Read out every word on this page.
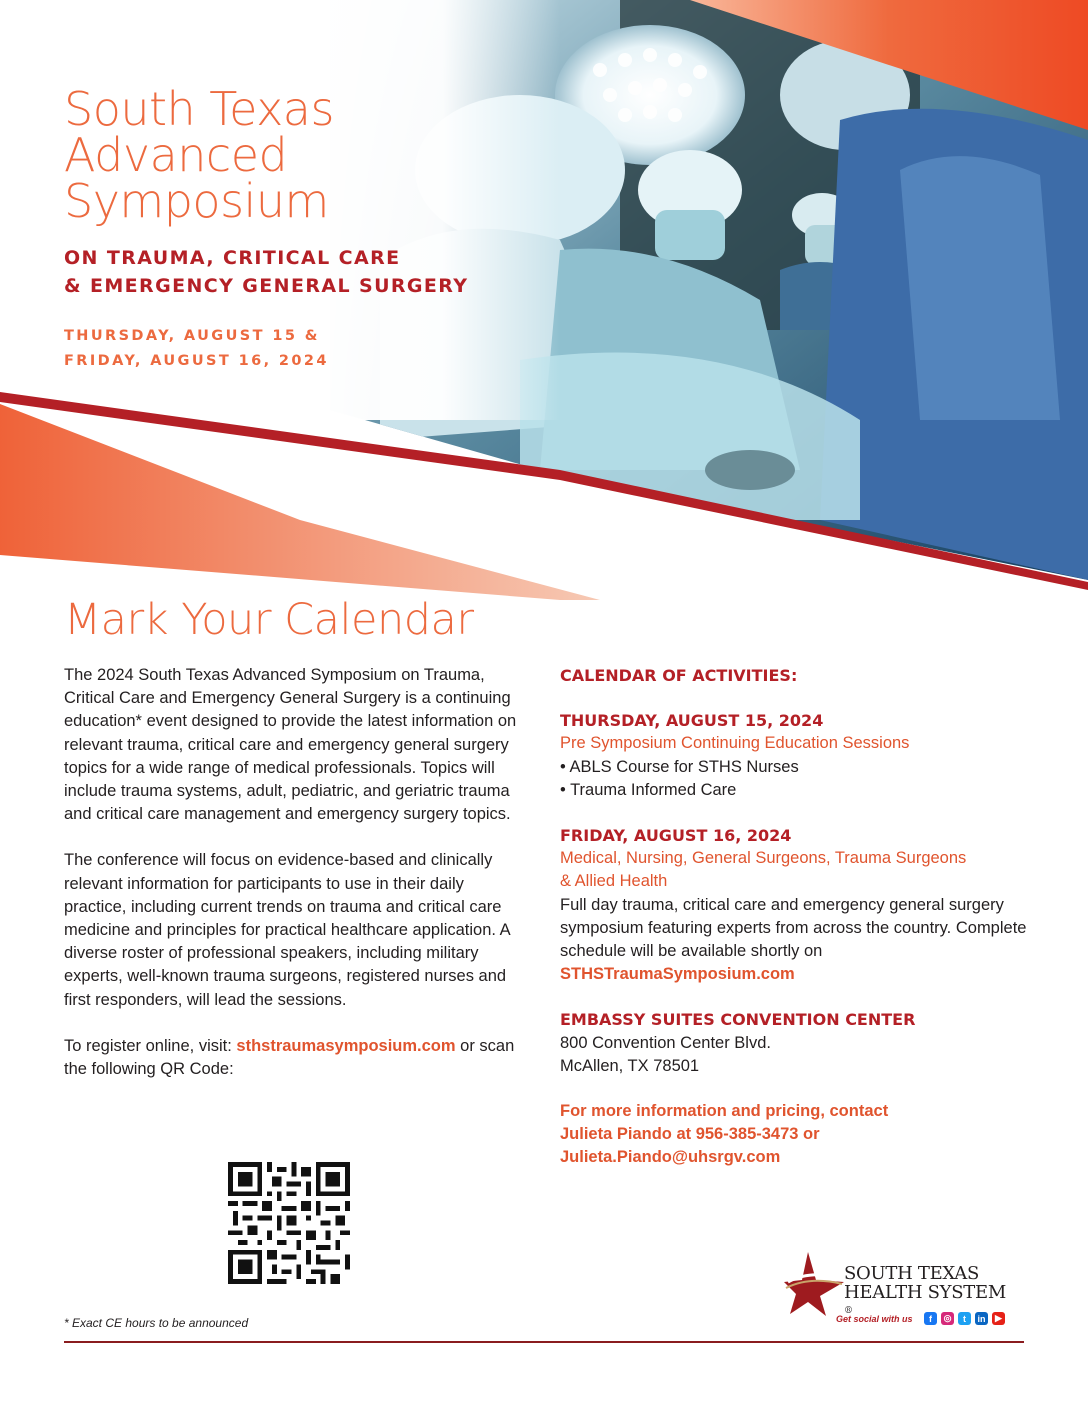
South Texas Advanced Symposium
ON TRAUMA, CRITICAL CARE
& EMERGENCY GENERAL SURGERY
THURSDAY, AUGUST 15 &
FRIDAY, AUGUST 16, 2024
Mark Your Calendar

The 2024 South Texas Advanced Symposium on Trauma, Critical Care and Emergency General Surgery is a continuing education* event designed to provide the latest information on relevant trauma, critical care and emergency general surgery topics for a wide range of medical professionals. Topics will include trauma systems, adult, pediatric, and geriatric trauma and critical care management and emergency surgery topics.

The conference will focus on evidence-based and clinically relevant information for participants to use in their daily practice, including current trends on trauma and critical care medicine and principles for practical healthcare application. A diverse roster of professional speakers, including military experts, well-known trauma surgeons, registered nurses and first responders, will lead the sessions.

To register online, visit: sthstraumasymposium.com or scan the following QR Code:

CALENDAR OF ACTIVITIES:
THURSDAY, AUGUST 15, 2024
Pre Symposium Continuing Education Sessions
• ABLS Course for STHS Nurses
• Trauma Informed Care
FRIDAY, AUGUST 16, 2024
Medical, Nursing, General Surgeons, Trauma Surgeons
& Allied Health
Full day trauma, critical care and emergency general surgery symposium featuring experts from across the country. Complete schedule will be available shortly on STHSTraumaSymposium.com
EMBASSY SUITES CONVENTION CENTER
800 Convention Center Blvd.
McAllen, TX 78501
For more information and pricing, contact
Julieta Piando at 956-385-3473 or
Julieta.Piando@uhsrgv.com
SOUTH TEXAS
HEALTH SYSTEM
®
Get social with us	f	◎	t	in	▶
* Exact CE hours to be announced
